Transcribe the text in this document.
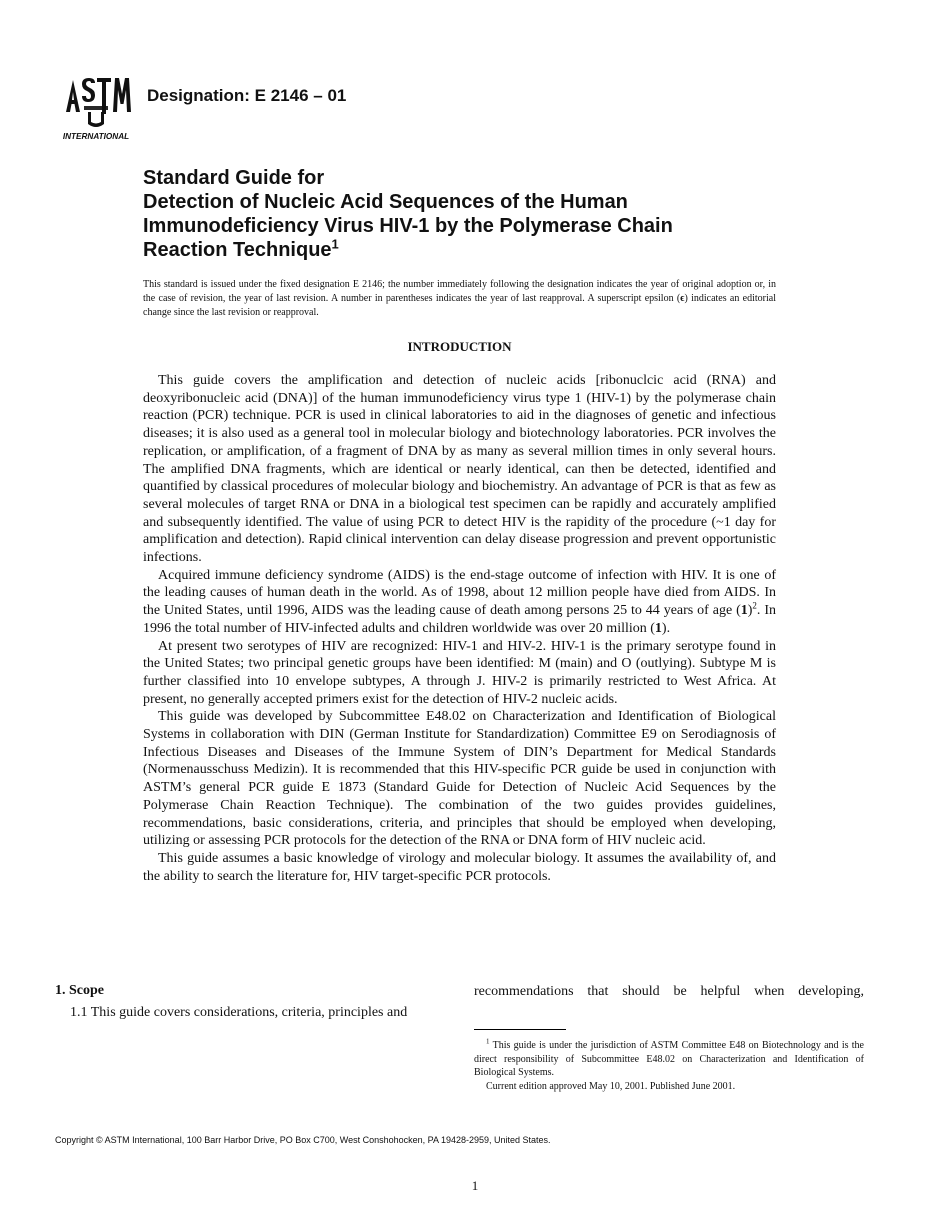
INTERNATIONAL
Designation: E 2146 – 01
Standard Guide for
Detection of Nucleic Acid Sequences of the Human
Immunodeficiency Virus HIV-1 by the Polymerase Chain
Reaction Technique$^1$
This standard is issued under the fixed designation E 2146; the number immediately following the designation indicates the year of original adoption or, in the case of revision, the year of last revision. A number in parentheses indicates the year of last reapproval. A superscript epsilon (ϵ) indicates an editorial change since the last revision or reapproval.
INTRODUCTION

This guide covers the amplification and detection of nucleic acids [ribonuclcic acid (RNA) and deoxyribonucleic acid (DNA)] of the human immunodeficiency virus type 1 (HIV-1) by the polymerase chain reaction (PCR) technique. PCR is used in clinical laboratories to aid in the diagnoses of genetic and infectious diseases; it is also used as a general tool in molecular biology and biotechnology laboratories. PCR involves the replication, or amplification, of a fragment of DNA by as many as several million times in only several hours. The amplified DNA fragments, which are identical or nearly identical, can then be detected, identified and quantified by classical procedures of molecular biology and biochemistry. An advantage of PCR is that as few as several molecules of target RNA or DNA in a biological test specimen can be rapidly and accurately amplified and subsequently identified. The value of using PCR to detect HIV is the rapidity of the procedure (~1 day for amplification and detection). Rapid clinical intervention can delay disease progression and prevent opportunistic infections.

Acquired immune deficiency syndrome (AIDS) is the end-stage outcome of infection with HIV. It is one of the leading causes of human death in the world. As of 1998, about 12 million people have died from AIDS. In the United States, until 1996, AIDS was the leading cause of death among persons 25 to 44 years of age $(1)^2$. In 1996 the total number of HIV-infected adults and children worldwide was over 20 million (1).

At present two serotypes of HIV are recognized: HIV-1 and HIV-2. HIV-1 is the primary serotype found in the United States; two principal genetic groups have been identified: M (main) and O (outlying). Subtype M is further classified into 10 envelope subtypes, A through J. HIV-2 is primarily restricted to West Africa. At present, no generally accepted primers exist for the detection of HIV-2 nucleic acids.

This guide was developed by Subcommittee E48.02 on Characterization and Identification of Biological Systems in collaboration with DIN (German Institute for Standardization) Committee E9 on Serodiagnosis of Infectious Diseases and Diseases of the Immune System of DIN’s Department for Medical Standards (Normenausschuss Medizin). It is recommended that this HIV-specific PCR guide be used in conjunction with ASTM’s general PCR guide E 1873 (Standard Guide for Detection of Nucleic Acid Sequences by the Polymerase Chain Reaction Technique). The combination of the two guides provides guidelines, recommendations, basic considerations, criteria, and principles that should be employed when developing, utilizing or assessing PCR protocols for the detection of the RNA or DNA form of HIV nucleic acid.

This guide assumes a basic knowledge of virology and molecular biology. It assumes the availability of, and the ability to search the literature for, HIV target-specific PCR protocols.

1. Scope
1.1 This guide covers considerations, criteria, principles and
recommendations that should be helpful when developing,

$^1$ This guide is under the jurisdiction of ASTM Committee E48 on Biotechnology and is the direct responsibility of Subcommittee E48.02 on Characterization and Identification of Biological Systems.

Current edition approved May 10, 2001. Published June 2001.

Copyright © ASTM International, 100 Barr Harbor Drive, PO Box C700, West Conshohocken, PA 19428-2959, United States.
1
